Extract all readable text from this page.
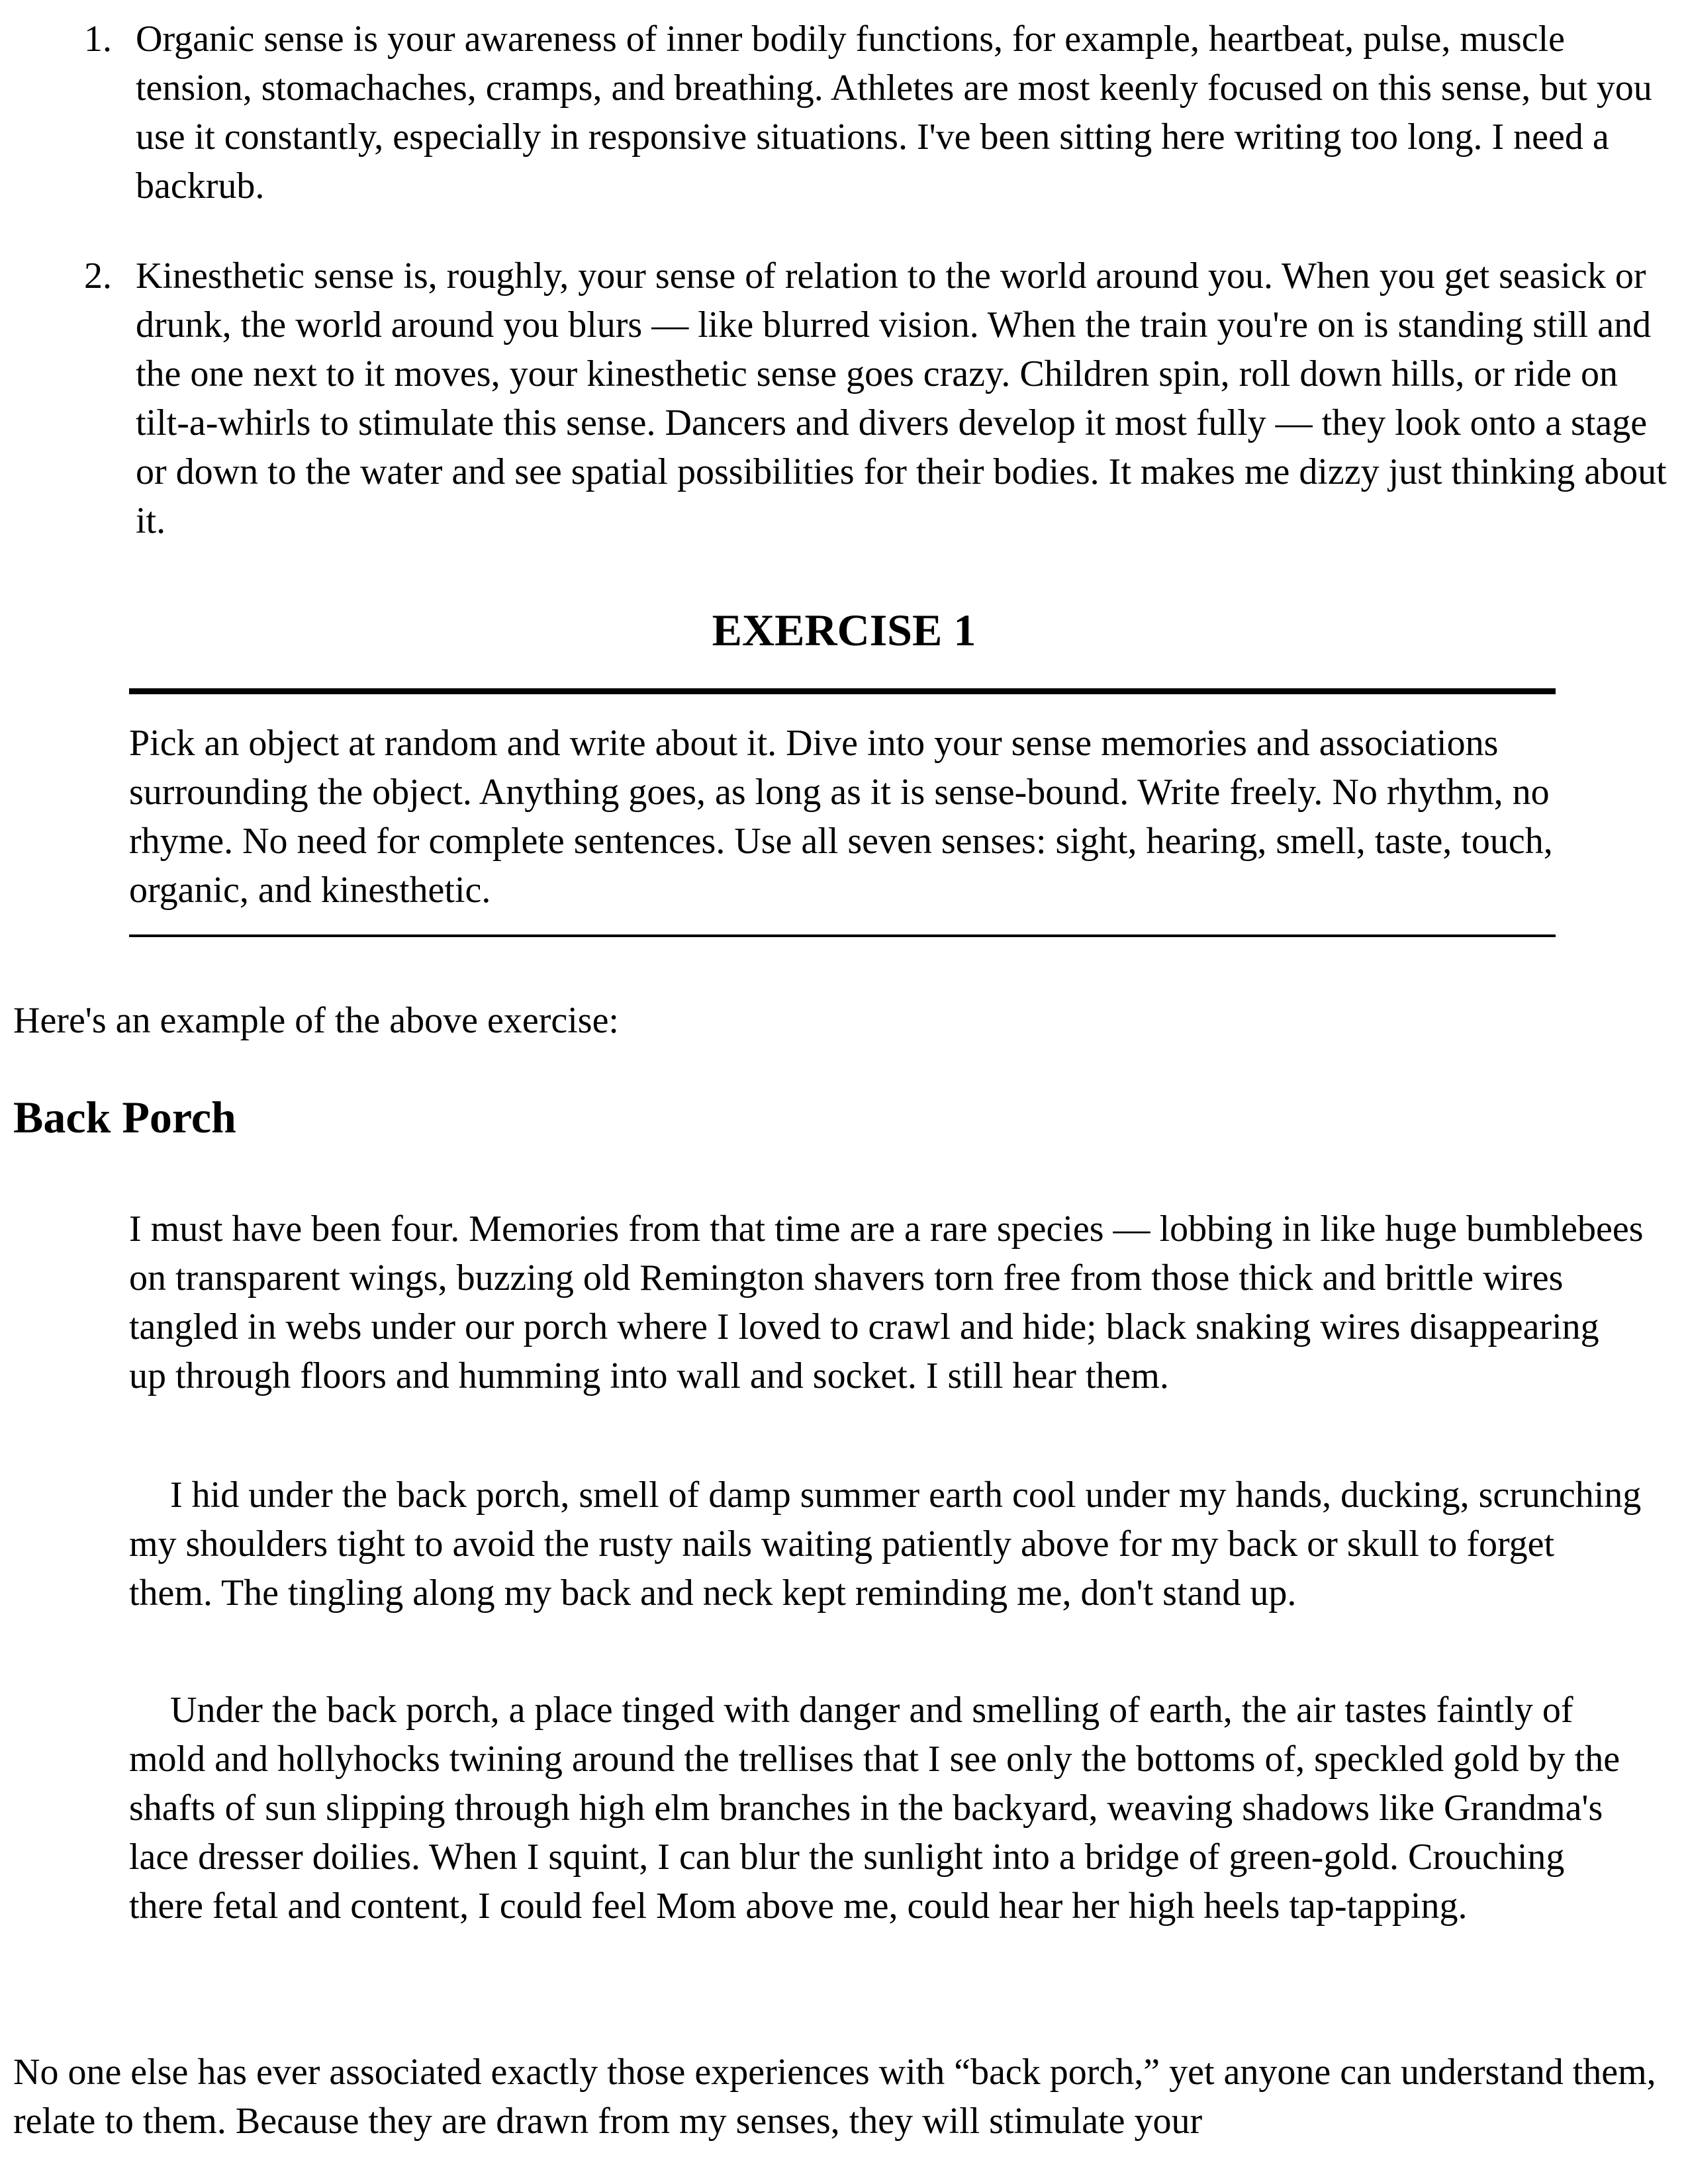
1. Organic sense is your awareness of inner bodily functions, for example, heartbeat, pulse, muscle tension, stomachaches, cramps, and breathing. Athletes are most keenly focused on this sense, but you use it constantly, especially in responsive situations. I've been sitting here writing too long. I need a backrub.
2. Kinesthetic sense is, roughly, your sense of relation to the world around you. When you get seasick or drunk, the world around you blurs — like blurred vision. When the train you're on is standing still and the one next to it moves, your kinesthetic sense goes crazy. Children spin, roll down hills, or ride on tilt-a-whirls to stimulate this sense. Dancers and divers develop it most fully — they look onto a stage or down to the water and see spatial possibilities for their bodies. It makes me dizzy just thinking about it.
EXERCISE 1

Pick an object at random and write about it. Dive into your sense memories and associations surrounding the object. Anything goes, as long as it is sense-bound. Write freely. No rhythm, no rhyme. No need for complete sentences. Use all seven senses: sight, hearing, smell, taste, touch, organic, and kinesthetic.

Here's an example of the above exercise:

Back Porch

I must have been four. Memories from that time are a rare species — lobbing in like huge bumblebees on transparent wings, buzzing old Remington shavers torn free from those thick and brittle wires tangled in webs under our porch where I loved to crawl and hide; black snaking wires disappearing up through floors and humming into wall and socket. I still hear them.

I hid under the back porch, smell of damp summer earth cool under my hands, ducking, scrunching my shoulders tight to avoid the rusty nails waiting patiently above for my back or skull to forget them. The tingling along my back and neck kept reminding me, don't stand up.

Under the back porch, a place tinged with danger and smelling of earth, the air tastes faintly of mold and hollyhocks twining around the trellises that I see only the bottoms of, speckled gold by the shafts of sun slipping through high elm branches in the backyard, weaving shadows like Grandma's lace dresser doilies. When I squint, I can blur the sunlight into a bridge of green-gold. Crouching there fetal and content, I could feel Mom above me, could hear her high heels tap-tapping.

No one else has ever associated exactly those experiences with “back porch,” yet anyone can understand them, relate to them. Because they are drawn from my senses, they will stimulate your
